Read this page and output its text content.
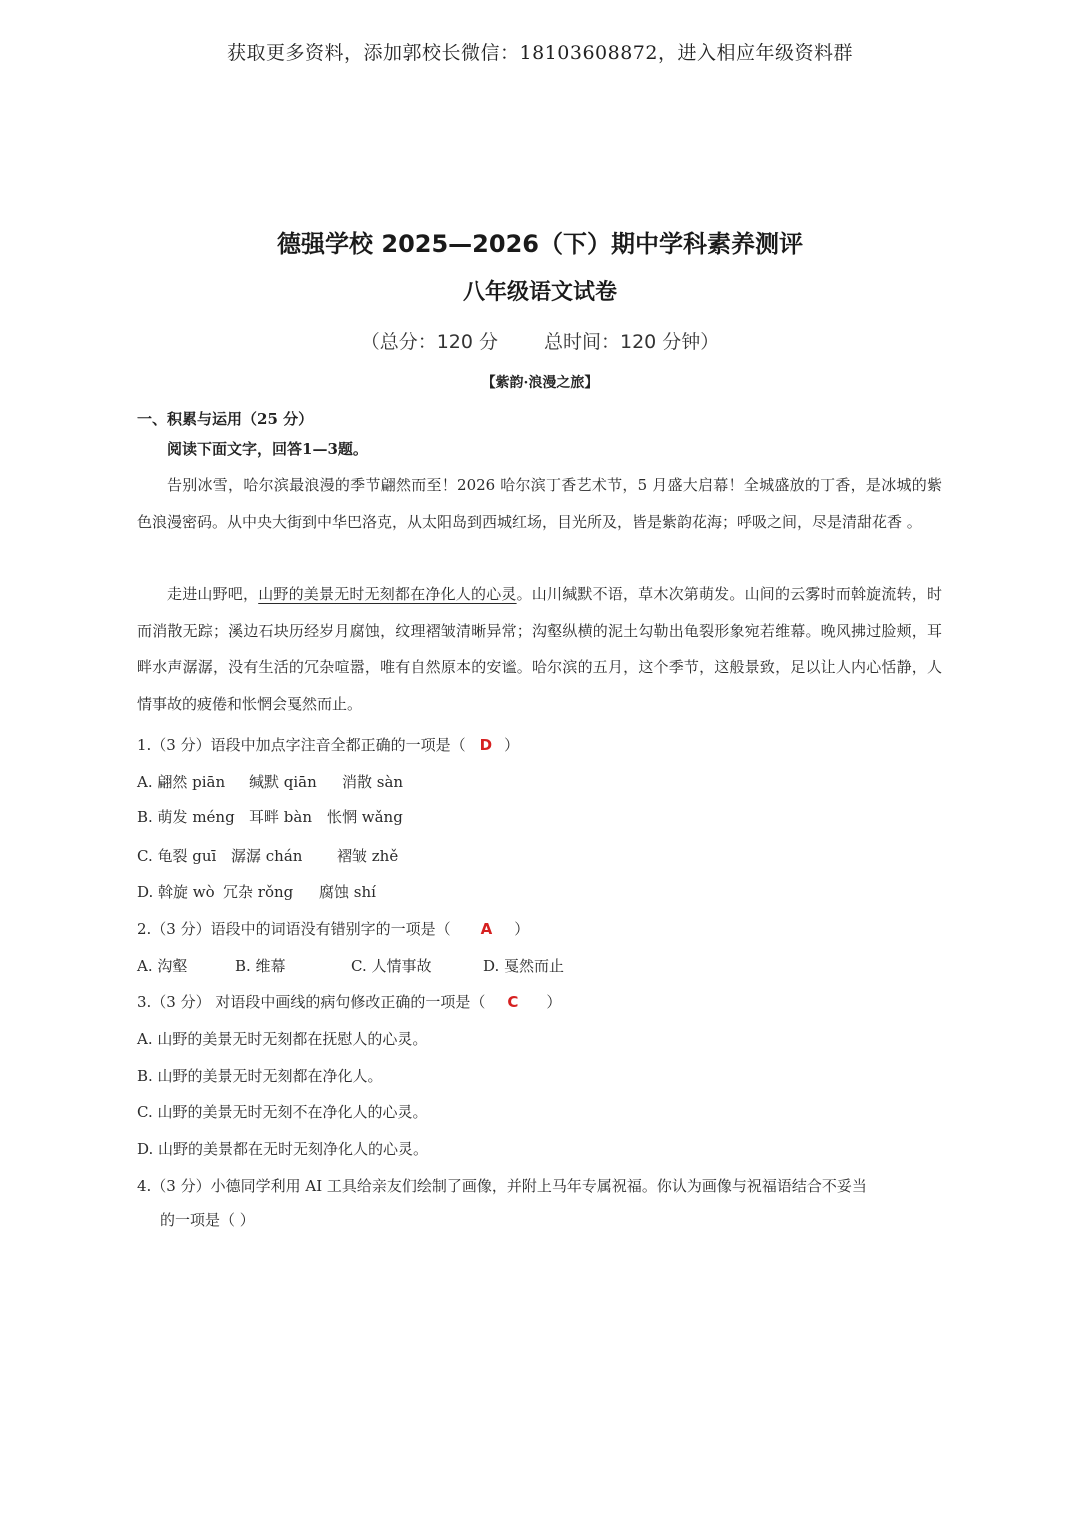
获取更多资料，添加郭校长微信：18103608872，进入相应年级资料群
德强学校 2025—2026（下）期中学科素养测评
八年级语文试卷
（总分：120 分 总时间：120 分钟）
【紫韵·浪漫之旅】
一、积累与运用（25 分）
阅读下面文字，回答1—3题。

告别冰雪，哈尔滨最浪漫的季节翩然而至！2026 哈尔滨丁香艺术节，5 月盛大启幕！全城盛放的丁香，是冰城的紫色浪漫密码。从中央大街到中华巴洛克，从太阳岛到西城红场，目光所及，皆是紫韵花海；呼吸之间，尽是清甜花香 。

走进山野吧，山野的美景无时无刻都在净化人的心灵。山川缄默不语，草木次第萌发。山间的云雾时而斡旋流转，时而消散无踪；溪边石块历经岁月腐蚀，纹理褶皱清晰异常；沟壑纵横的泥土勾勒出龟裂形象宛若维幕。晚风拂过脸颊，耳畔水声潺潺，没有生活的冗杂喧嚣，唯有自然原本的安谧。哈尔滨的五月，这个季节，这般景致，足以让人内心恬静，人情事故的疲倦和怅惘会戛然而止。

1.（3 分）语段中加点字注音全都正确的一项是（ D ）
A. 翩然 piān 缄默 qiān 消散 sàn
B. 萌发 méng 耳畔 bàn 怅惘 wǎng
C. 龟裂 guī 潺潺 chán 褶皱 zhě
D. 斡旋 wò 冗杂 rǒng 腐蚀 shí
2.（3 分）语段中的词语没有错别字的一项是（ A ）
A. 沟壑	B. 维幕	C. 人情事故	D. 戛然而止
3.（3 分） 对语段中画线的病句修改正确的一项是（ C ）
A. 山野的美景无时无刻都在抚慰人的心灵。
B. 山野的美景无时无刻都在净化人。
C. 山野的美景无时无刻不在净化人的心灵。
D. 山野的美景都在无时无刻净化人的心灵。
4.（3 分）小德同学利用 AI 工具给亲友们绘制了画像，并附上马年专属祝福。你认为画像与祝福语结合不妥当
的一项是（ ）
